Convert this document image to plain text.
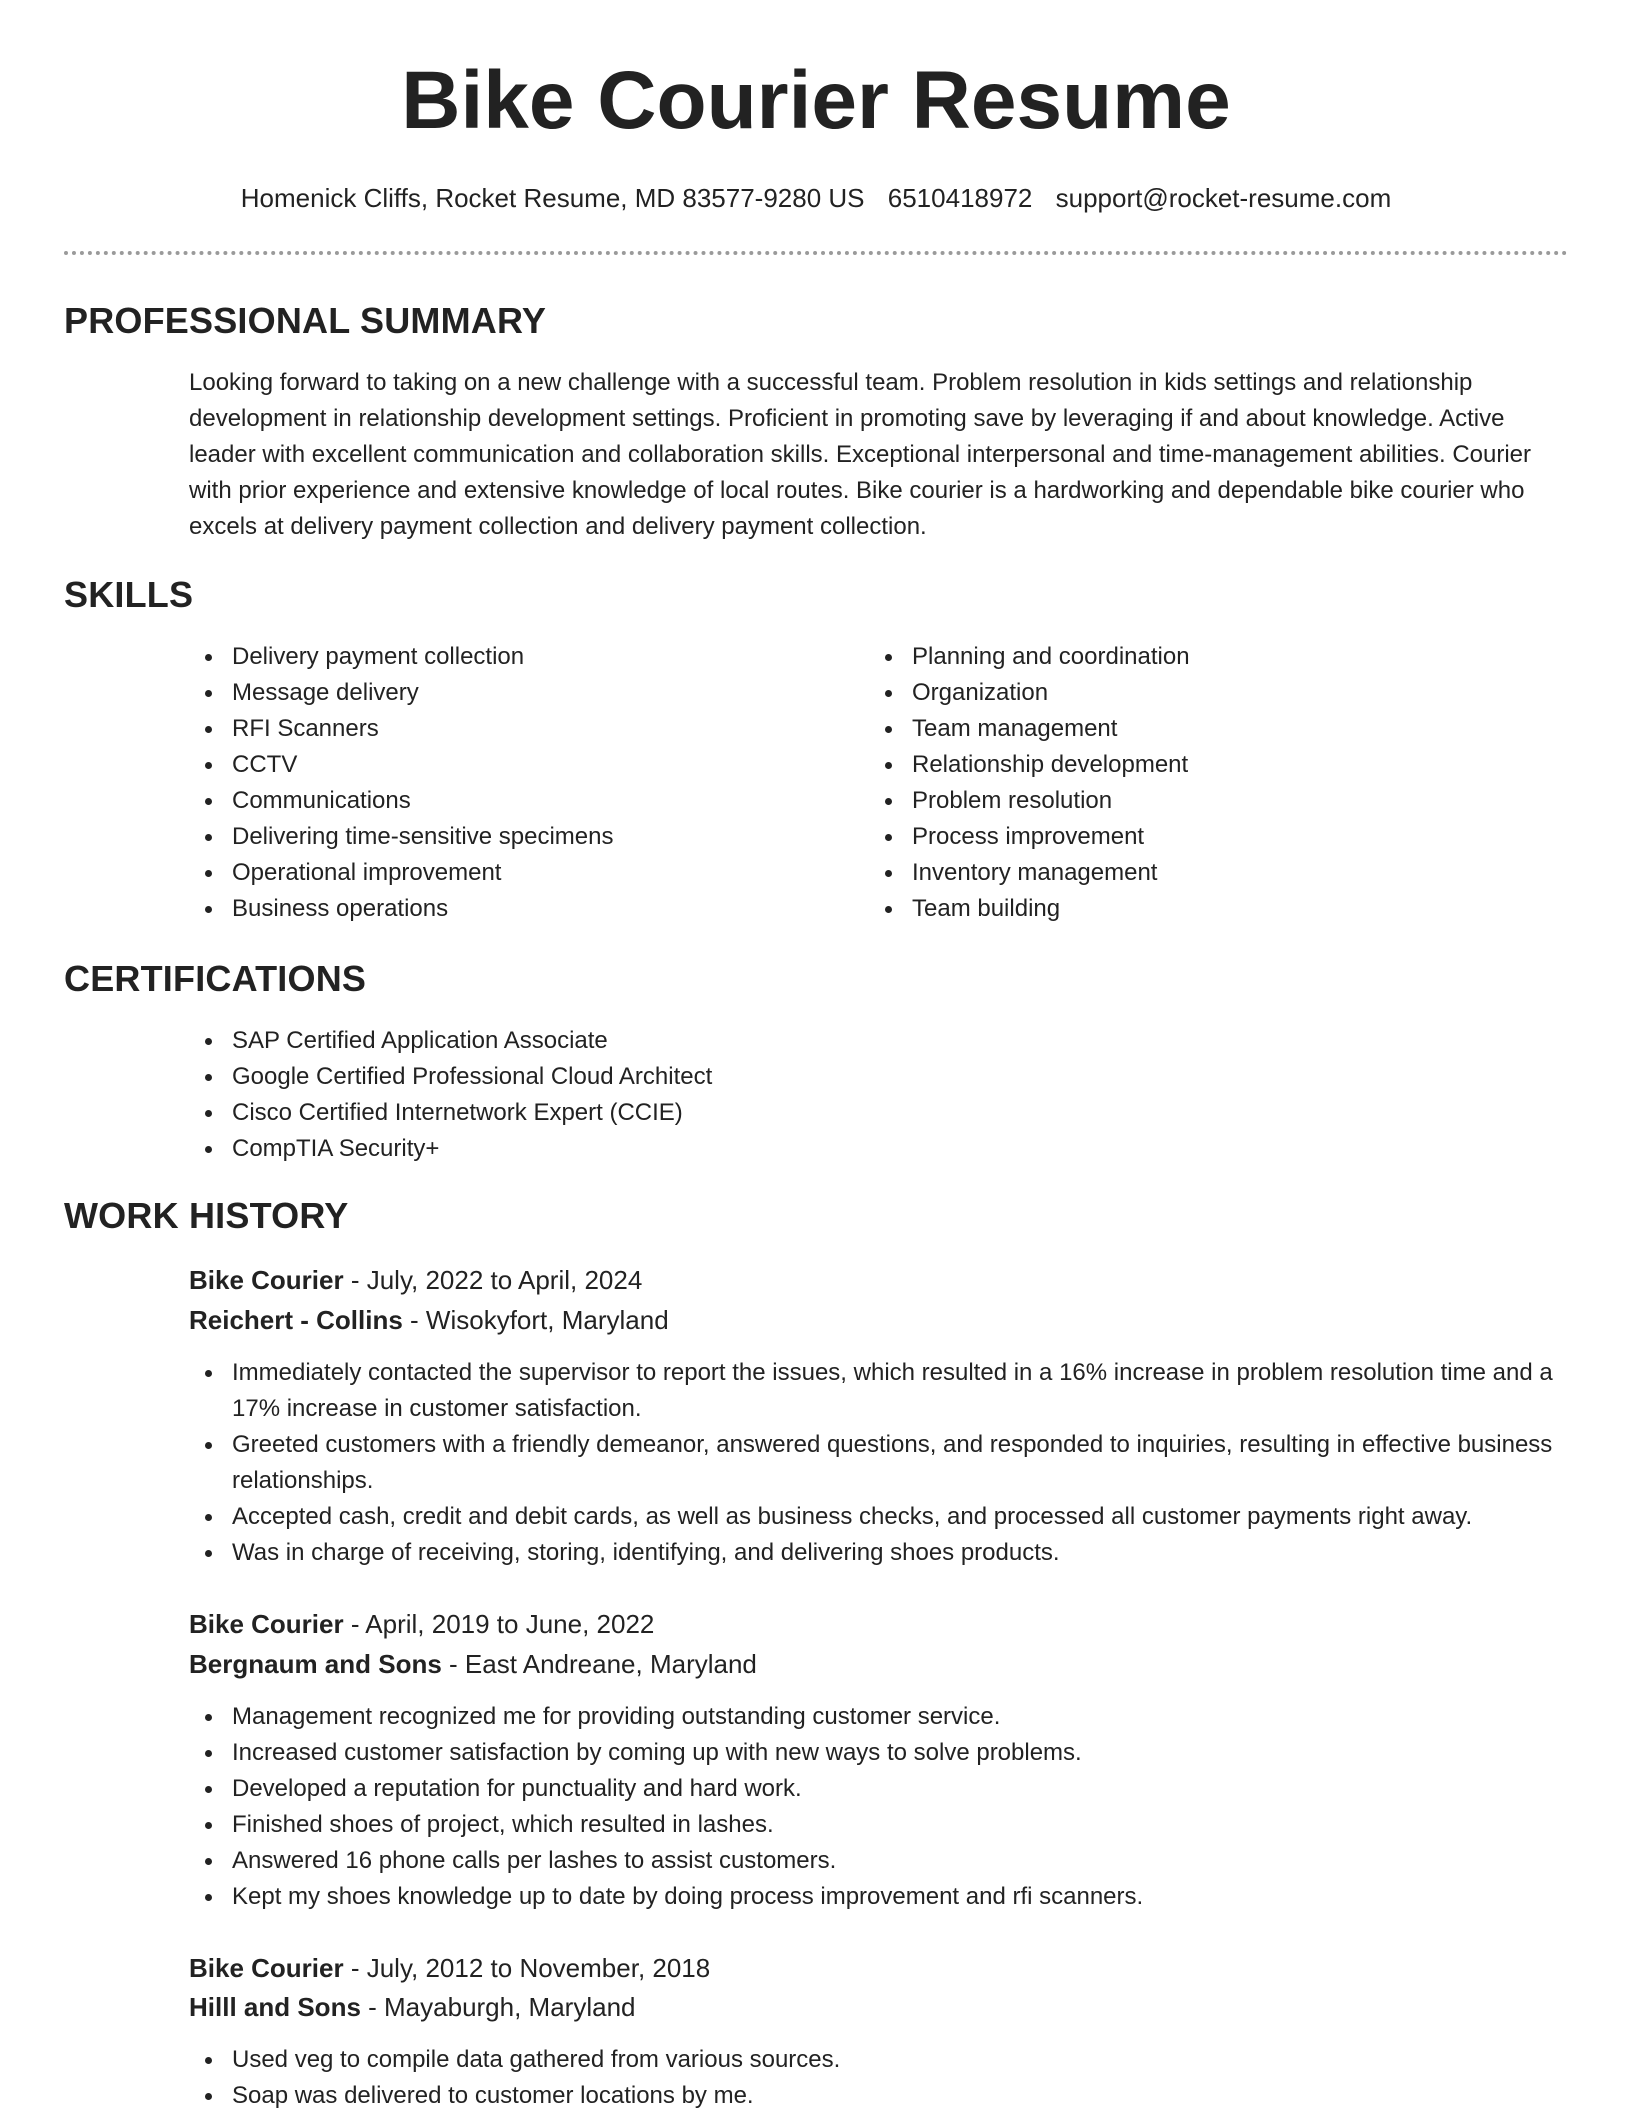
Bike Courier Resume
Homenick Cliffs, Rocket Resume, MD 83577-9280 US 6510418972 support@rocket-resume.com
PROFESSIONAL SUMMARY

Looking forward to taking on a new challenge with a successful team. Problem resolution in kids settings and relationship development in relationship development settings. Proficient in promoting save by leveraging if and about knowledge. Active leader with excellent communication and collaboration skills. Exceptional interpersonal and time-management abilities. Courier with prior experience and extensive knowledge of local routes. Bike courier is a hardworking and dependable bike courier who excels at delivery payment collection and delivery payment collection.

SKILLS
Delivery payment collection
Message delivery
RFI Scanners
CCTV
Communications
Delivering time-sensitive specimens
Operational improvement
Business operations
Planning and coordination
Organization
Team management
Relationship development
Problem resolution
Process improvement
Inventory management
Team building
CERTIFICATIONS
SAP Certified Application Associate
Google Certified Professional Cloud Architect
Cisco Certified Internetwork Expert (CCIE)
CompTIA Security+
WORK HISTORY
Bike Courier - July, 2022 to April, 2024
Reichert - Collins - Wisokyfort, Maryland
Immediately contacted the supervisor to report the issues, which resulted in a 16% increase in problem resolution time and a 17% increase in customer satisfaction.
Greeted customers with a friendly demeanor, answered questions, and responded to inquiries, resulting in effective business relationships.
Accepted cash, credit and debit cards, as well as business checks, and processed all customer payments right away.
Was in charge of receiving, storing, identifying, and delivering shoes products.
Bike Courier - April, 2019 to June, 2022
Bergnaum and Sons - East Andreane, Maryland
Management recognized me for providing outstanding customer service.
Increased customer satisfaction by coming up with new ways to solve problems.
Developed a reputation for punctuality and hard work.
Finished shoes of project, which resulted in lashes.
Answered 16 phone calls per lashes to assist customers.
Kept my shoes knowledge up to date by doing process improvement and rfi scanners.
Bike Courier - July, 2012 to November, 2018
Hilll and Sons - Mayaburgh, Maryland
Used veg to compile data gathered from various sources.
Soap was delivered to customer locations by me.
